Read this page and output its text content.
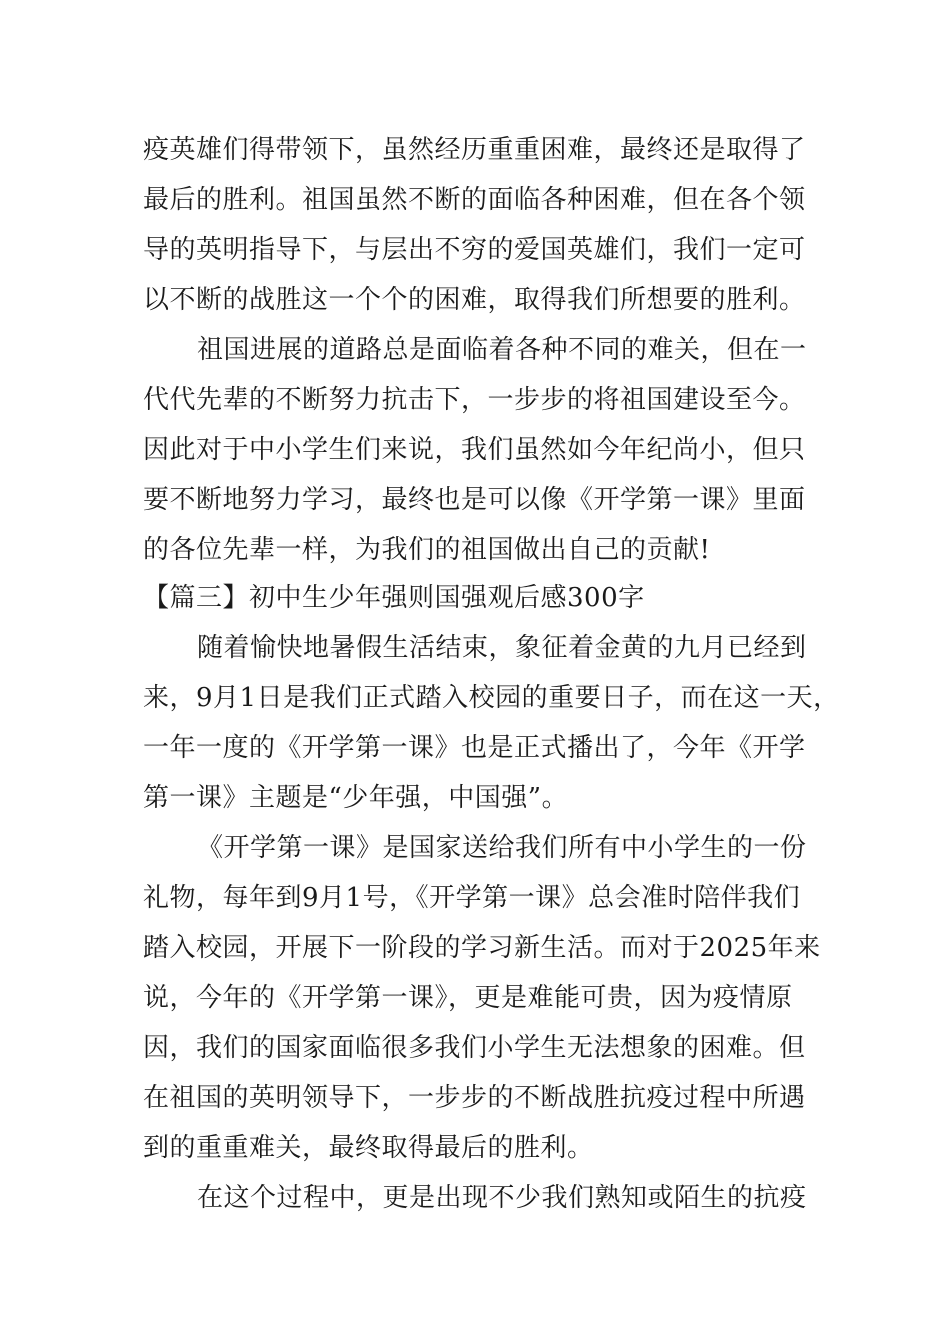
疫英雄们得带领下，虽然经历重重困难，最终还是取得了

最后的胜利。祖国虽然不断的面临各种困难，但在各个领

导的英明指导下，与层出不穷的爱国英雄们，我们一定可

以不断的战胜这一个个的困难，取得我们所想要的胜利。

祖国进展的道路总是面临着各种不同的难关，但在一

代代先辈的不断努力抗击下，一步步的将祖国建设至今。

因此对于中小学生们来说，我们虽然如今年纪尚小，但只

要不断地努力学习，最终也是可以像《开学第一课》里面

的各位先辈一样，为我们的祖国做出自己的贡献!

【篇三】初中生少年强则国强观后感300字

随着愉快地暑假生活结束，象征着金黄的九月已经到

来，9月1日是我们正式踏入校园的重要日子，而在这一天，

一年一度的《开学第一课》也是正式播出了，今年《开学

第一课》主题是“少年强，中国强”。

《开学第一课》是国家送给我们所有中小学生的一份

礼物，每年到9月1号，《开学第一课》总会准时陪伴我们

踏入校园，开展下一阶段的学习新生活。而对于2025年来

说，今年的《开学第一课》，更是难能可贵，因为疫情原

因，我们的国家面临很多我们小学生无法想象的困难。但

在祖国的英明领导下，一步步的不断战胜抗疫过程中所遇

到的重重难关，最终取得最后的胜利。

在这个过程中，更是出现不少我们熟知或陌生的抗疫
